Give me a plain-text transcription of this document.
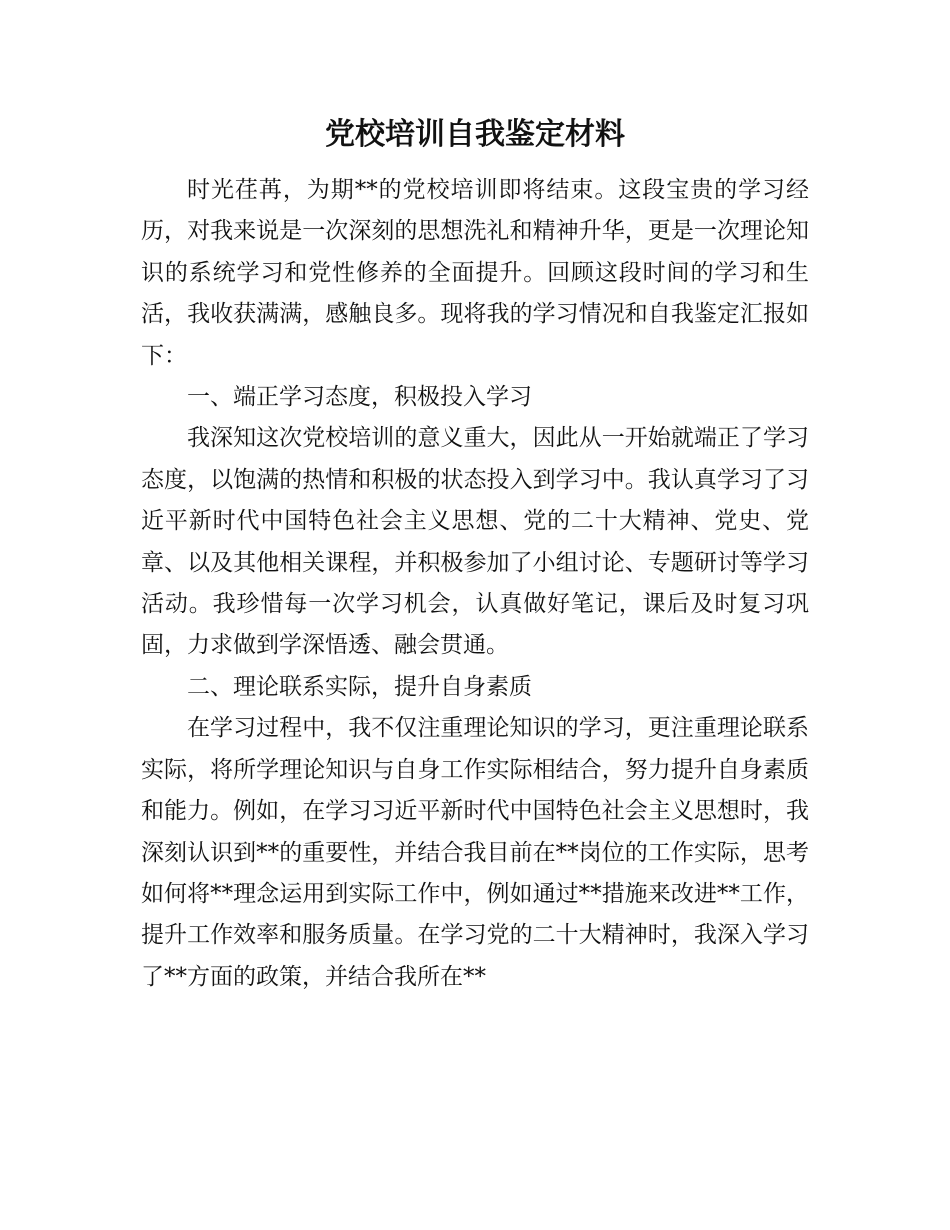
党校培训自我鉴定材料

时光荏苒，为期**的党校培训即将结束。这段宝贵的学习经历，对我来说是一次深刻的思想洗礼和精神升华，更是一次理论知识的系统学习和党性修养的全面提升。回顾这段时间的学习和生活，我收获满满，感触良多。现将我的学习情况和自我鉴定汇报如下：

一、端正学习态度，积极投入学习

我深知这次党校培训的意义重大，因此从一开始就端正了学习态度，以饱满的热情和积极的状态投入到学习中。我认真学习了习近平新时代中国特色社会主义思想、党的二十大精神、党史、党章、以及其他相关课程，并积极参加了小组讨论、专题研讨等学习活动。我珍惜每一次学习机会，认真做好笔记，课后及时复习巩固，力求做到学深悟透、融会贯通。

二、理论联系实际，提升自身素质

在学习过程中，我不仅注重理论知识的学习，更注重理论联系实际，将所学理论知识与自身工作实际相结合，努力提升自身素质和能力。例如，在学习习近平新时代中国特色社会主义思想时，我深刻认识到**的重要性，并结合我目前在**岗位的工作实际，思考如何将**理念运用到实际工作中，例如通过**措施来改进**工作，提升工作效率和服务质量。在学习党的二十大精神时，我深入学习了**方面的政策，并结合我所在**
